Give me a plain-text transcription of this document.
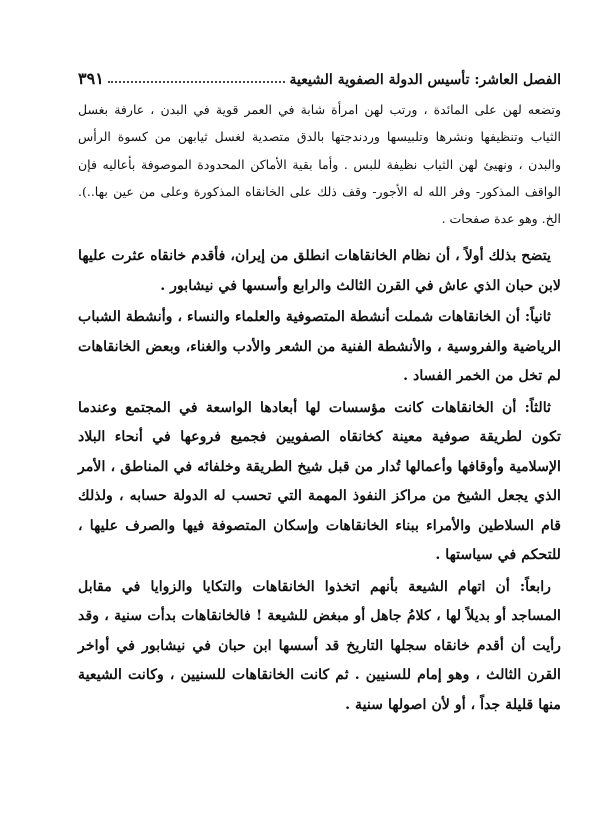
الفصل العاشر: تأسيس الدولة الصفوية الشيعية
٣٩١

وتضعه لهن على المائدة ، ورتب لهن امرأة شابة في العمر قوية في البدن ، عارفة بغسل الثياب وتنظيفها ونشرها وتلبيسها وردندجتها بالدق متصدية لغسل ثيابهن من كسوة الرأس والبدن ، ونهيئ لهن الثياب نظيفة للبس . وأما بقية الأماكن المحدودة الموصوفة بأعاليه فإن الواقف المذكور- وفر الله له الأجور- وقف ذلك على الخانقاه المذكورة وعلى من عين بها..). الخ. وهو عدة صفحات .

يتضح بذلك أولاً ، أن نظام الخانقاهات انطلق من إيران، فأقدم خانقاه عثرت عليها لابن حبان الذي عاش في القرن الثالث والرابع وأسسها في نيشابور .

ثانياً: أن الخانقاهات شملت أنشطة المتصوفية والعلماء والنساء ، وأنشطة الشباب الرياضية والفروسية ، والأنشطة الفنية من الشعر والأدب والغناء، وبعض الخانقاهات لم تخل من الخمر الفساد .

ثالثاً: أن الخانقاهات كانت مؤسسات لها أبعادها الواسعة في المجتمع وعندما تكون لطريقة صوفية معينة كخانقاه الصفويين فجميع فروعها في أنحاء البلاد الإسلامية وأوقافها وأعمالها تُدار من قبل شيخ الطريقة وخلفائه في المناطق ، الأمر الذي يجعل الشيخ من مراكز النفوذ المهمة التي تحسب له الدولة حسابه ، ولذلك قام السلاطين والأمراء ببناء الخانقاهات وإسكان المتصوفة فيها والصرف عليها ، للتحكم في سياستها .

رابعاً: أن اتهام الشيعة بأنهم اتخذوا الخانقاهات والتكايا والزوايا في مقابل المساجد أو بديلاً لها ، كلامُ جاهل أو مبغض للشيعة ! فالخانقاهات بدأت سنية ، وقد رأيت أن أقدم خانقاه سجلها التاريخ قد أسسها ابن حبان في نيشابور في أواخر القرن الثالث ، وهو إمام للسنيين . ثم كانت الخانقاهات للسنيين ، وكانت الشيعية منها قليلة جداً ، أو لأن اصولها سنية .
